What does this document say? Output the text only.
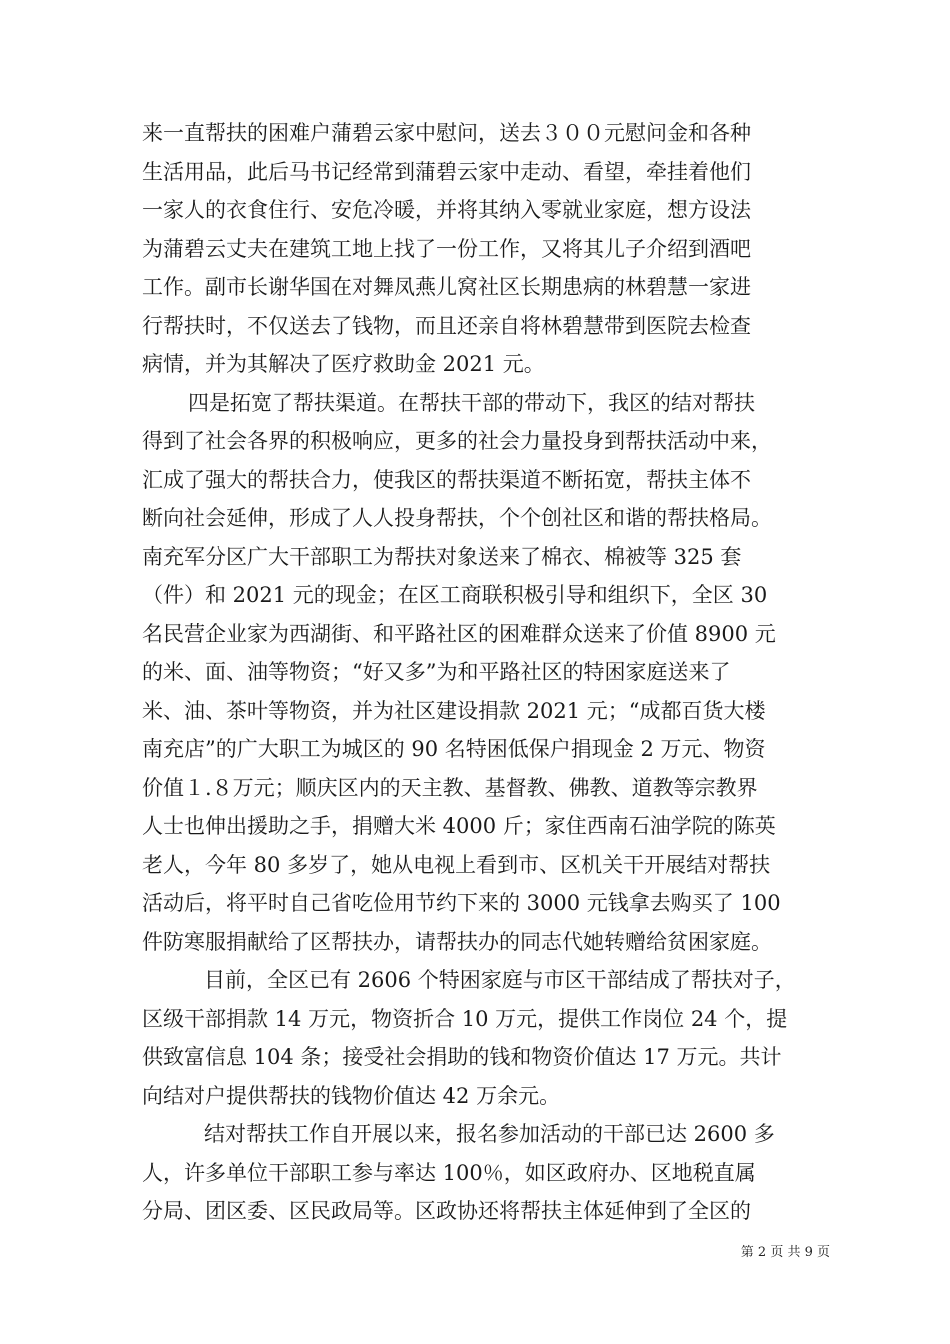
来一直帮扶的困难户蒲碧云家中慰问，送去３００元慰问金和各种
生活用品，此后马书记经常到蒲碧云家中走动、看望，牵挂着他们
一家人的衣食住行、安危冷暖，并将其纳入零就业家庭，想方设法
为蒲碧云丈夫在建筑工地上找了一份工作，又将其儿子介绍到酒吧
工作。副市长谢华国在对舞凤燕儿窝社区长期患病的林碧慧一家进
行帮扶时，不仅送去了钱物，而且还亲自将林碧慧带到医院去检查
病情，并为其解决了医疗救助金 2021 元。
四是拓宽了帮扶渠道。在帮扶干部的带动下，我区的结对帮扶
得到了社会各界的积极响应，更多的社会力量投身到帮扶活动中来，
汇成了强大的帮扶合力，使我区的帮扶渠道不断拓宽，帮扶主体不
断向社会延伸，形成了人人投身帮扶，个个创社区和谐的帮扶格局。
南充军分区广大干部职工为帮扶对象送来了棉衣、棉被等 325 套
（件）和 2021 元的现金；在区工商联积极引导和组织下，全区 30
名民营企业家为西湖街、和平路社区的困难群众送来了价值 8900 元
的米、面、油等物资；“好又多”为和平路社区的特困家庭送来了
米、油、茶叶等物资，并为社区建设捐款 2021 元；“成都百货大楼
南充店”的广大职工为城区的 90 名特困低保户捐现金 2 万元、物资
价值１.８万元；顺庆区内的天主教、基督教、佛教、道教等宗教界
人士也伸出援助之手，捐赠大米 4000 斤；家住西南石油学院的陈英
老人，今年 80 多岁了，她从电视上看到市、区机关干开展结对帮扶
活动后，将平时自己省吃俭用节约下来的 3000 元钱拿去购买了 100
件防寒服捐献给了区帮扶办，请帮扶办的同志代她转赠给贫困家庭。
目前，全区已有 2606 个特困家庭与市区干部结成了帮扶对子，
区级干部捐款 14 万元，物资折合 10 万元，提供工作岗位 24 个，提
供致富信息 104 条；接受社会捐助的钱和物资价值达 17 万元。共计
向结对户提供帮扶的钱物价值达 42 万余元。
结对帮扶工作自开展以来，报名参加活动的干部已达 2600 多
人，许多单位干部职工参与率达 100％，如区政府办、区地税直属
分局、团区委、区民政局等。区政协还将帮扶主体延伸到了全区的
第 2 页 共 9 页
